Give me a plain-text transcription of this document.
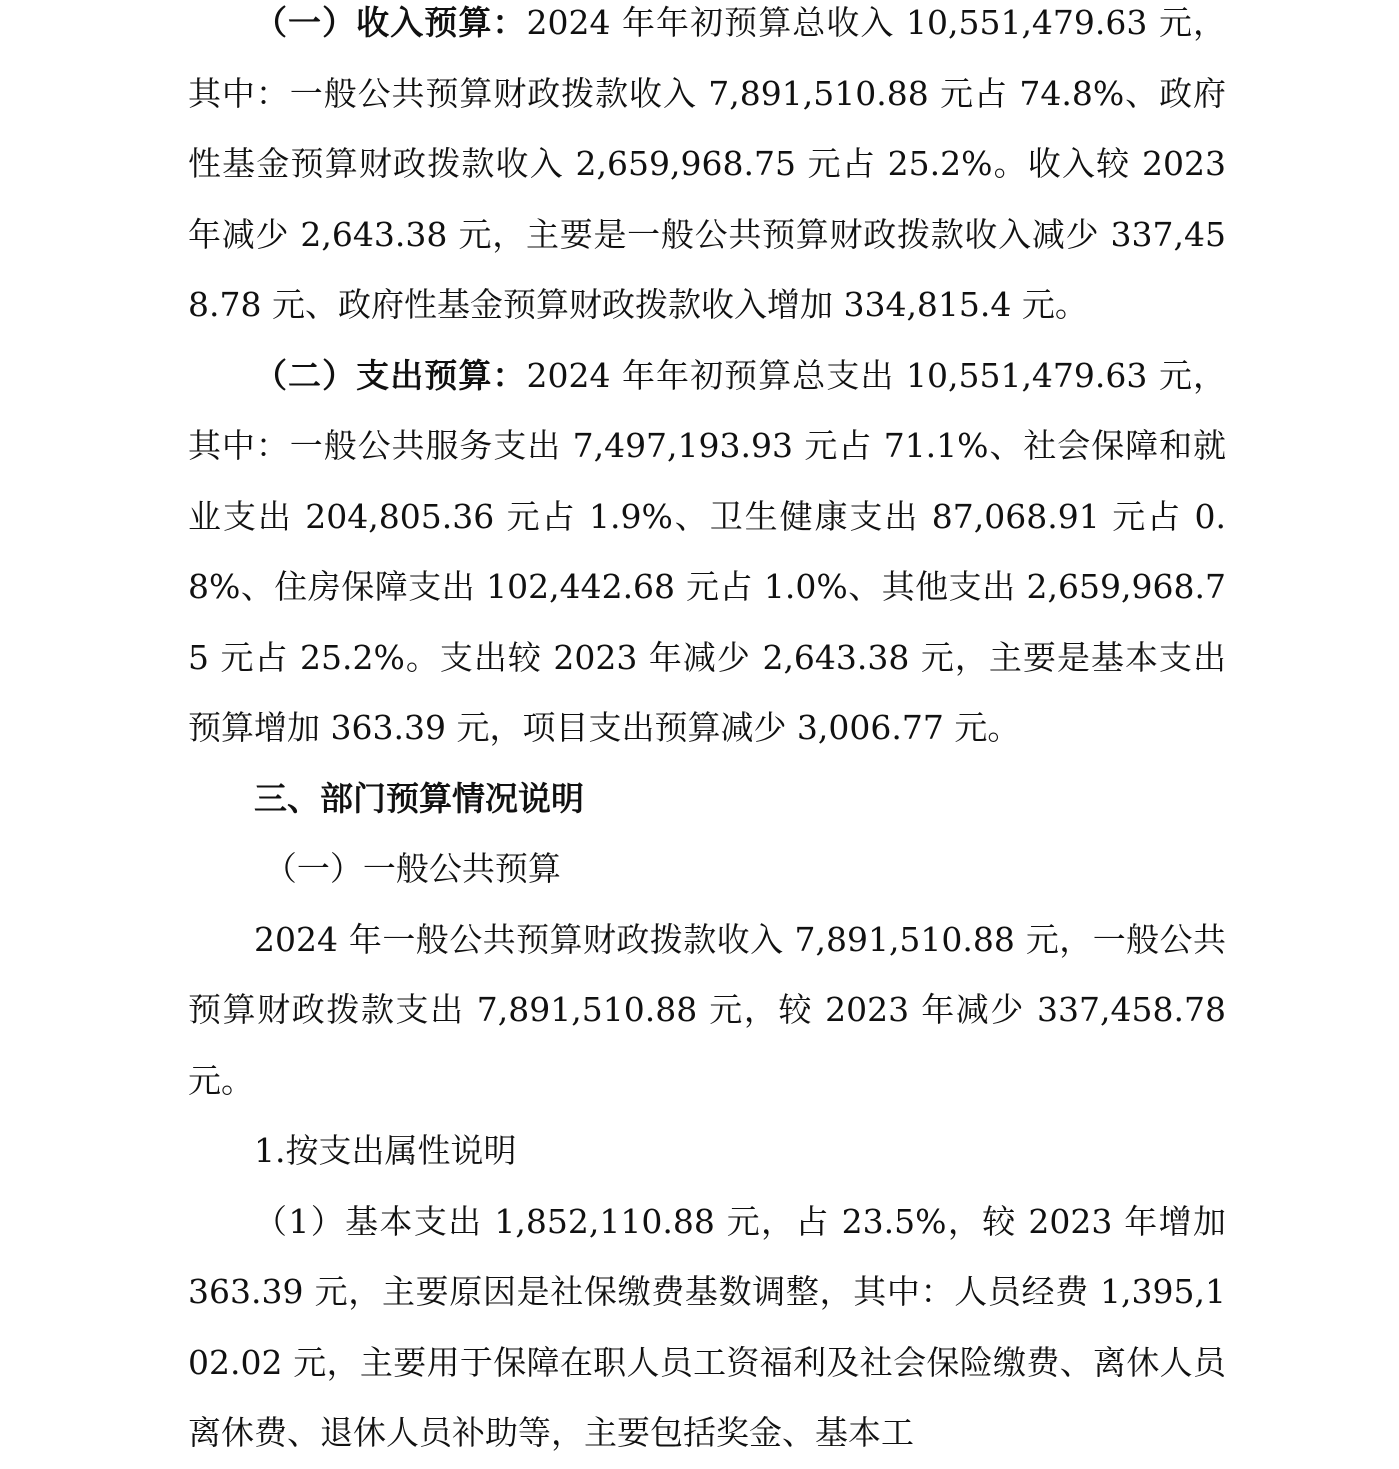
（一）收入预算：2024 年年初预算总收入 10,551,479.63 元，其中：一般公共预算财政拨款收入 7,891,510.88 元占 74.8%、政府性基金预算财政拨款收入 2,659,968.75 元占 25.2%。收入较 2023 年减少 2,643.38 元，主要是一般公共预算财政拨款收入减少 337,458.78 元、政府性基金预算财政拨款收入增加 334,815.4 元。

（二）支出预算：2024 年年初预算总支出 10,551,479.63 元，其中：一般公共服务支出 7,497,193.93 元占 71.1%、社会保障和就业支出 204,805.36 元占 1.9%、卫生健康支出 87,068.91 元占 0.8%、住房保障支出 102,442.68 元占 1.0%、其他支出 2,659,968.75 元占 25.2%。支出较 2023 年减少 2,643.38 元，主要是基本支出预算增加 363.39 元，项目支出预算减少 3,006.77 元。

三、部门预算情况说明

（一）一般公共预算

2024 年一般公共预算财政拨款收入 7,891,510.88 元，一般公共预算财政拨款支出 7,891,510.88 元，较 2023 年减少 337,458.78 元。

1.按支出属性说明

（1）基本支出 1,852,110.88 元，占 23.5%，较 2023 年增加 363.39 元，主要原因是社保缴费基数调整，其中：人员经费 1,395,102.02 元，主要用于保障在职人员工资福利及社会保险缴费、离休人员离休费、退休人员补助等，主要包括奖金、基本工
